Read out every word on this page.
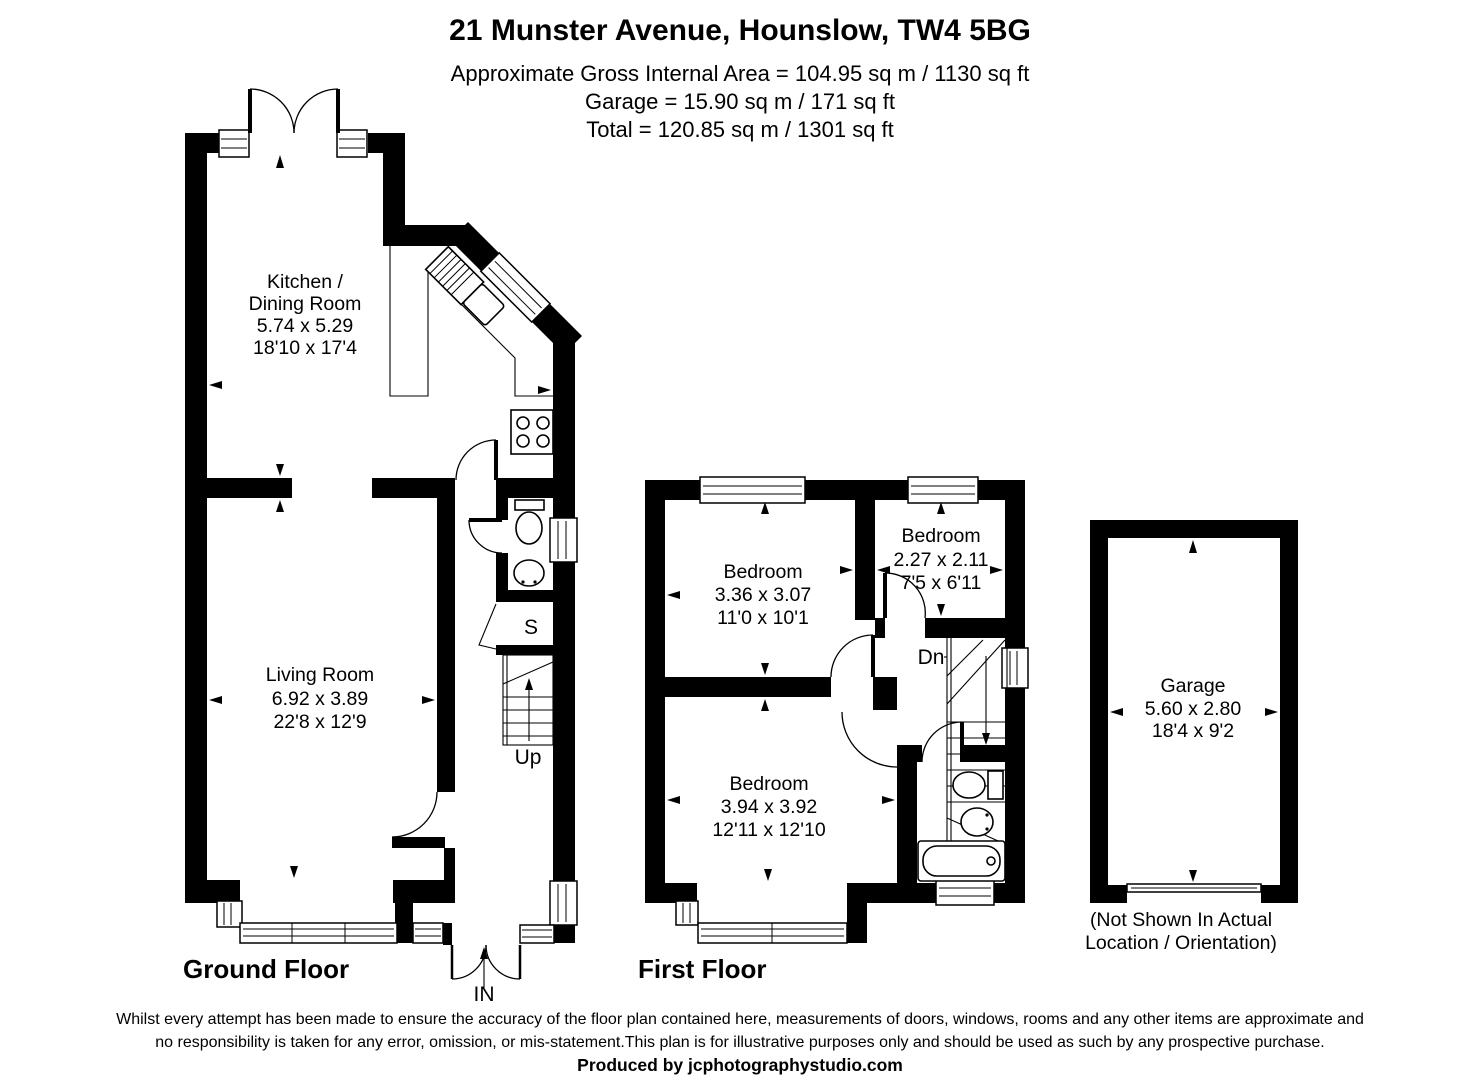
21 Munster Avenue, Hounslow, TW4 5BG
Approximate Gross Internal Area = 104.95 sq m / 1130 sq ft
Garage = 15.90 sq m / 171 sq ft
Total = 120.85 sq m / 1301 sq ft
Kitchen /
Dining Room
5.74 x 5.29
18'10 x 17'4
Living Room
6.92 x 3.89
22'8 x 12'9
S
Up
IN
Ground Floor
Bedroom
3.36 x 3.07
11'0 x 10'1
Bedroom
2.27 x 2.11
7'5 x 6'11
Bedroom
3.94 x 3.92
12'11 x 12'10
Dn
First Floor
Garage
5.60 x 2.80
18'4 x 9'2
(Not Shown In Actual
Location / Orientation)
Whilst every attempt has been made to ensure the accuracy of the floor plan contained here, measurements of doors, windows, rooms and any other items are approximate and
no responsibility is taken for any error, omission, or mis-statement.This plan is for illustrative purposes only and should be used as such by any prospective purchase.
Produced by jcphotographystudio.com
